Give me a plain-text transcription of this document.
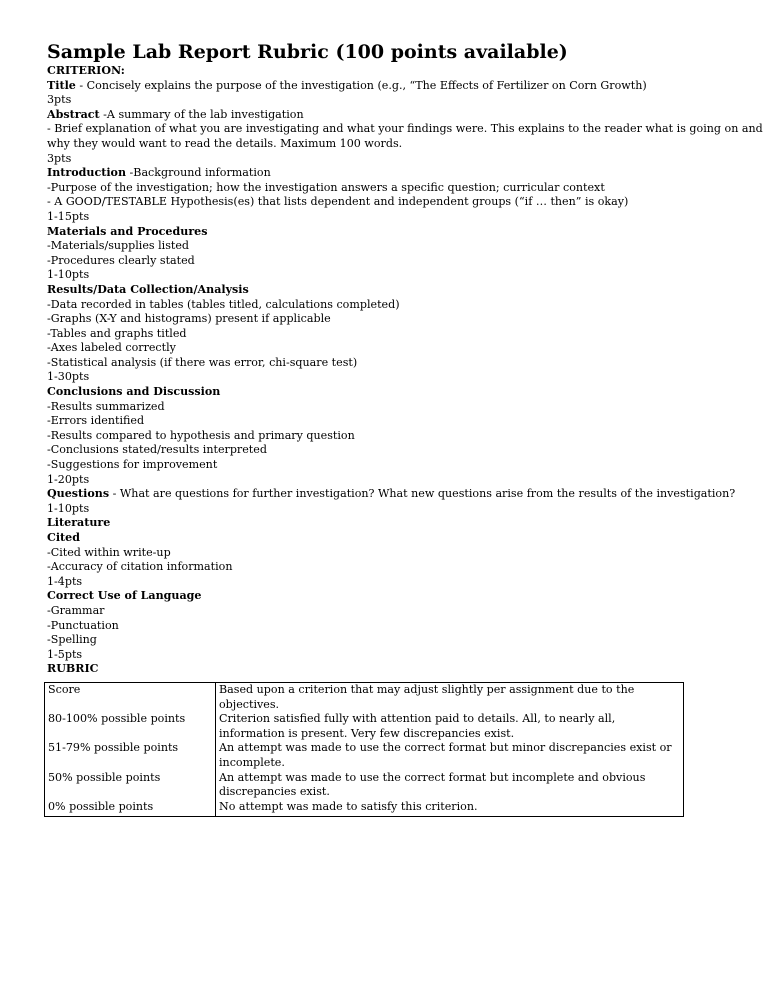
Sample Lab Report Rubric (100 points available)
CRITERION:
Title - Concisely explains the purpose of the investigation (e.g., “The Effects of Fertilizer on Corn Growth)
3pts
Abstract -A summary of the lab investigation
- Brief explanation of what you are investigating and what your findings were. This explains to the reader what is going on and
why they would want to read the details. Maximum 100 words.
3pts
Introduction -Background information
-Purpose of the investigation; how the investigation answers a specific question; curricular context
- A GOOD/TESTABLE Hypothesis(es) that lists dependent and independent groups (“if … then” is okay)
1-15pts
Materials and Procedures
-Materials/supplies listed
-Procedures clearly stated
1-10pts
Results/Data Collection/Analysis
-Data recorded in tables (tables titled, calculations completed)
-Graphs (X-Y and histograms) present if applicable
-Tables and graphs titled
-Axes labeled correctly
-Statistical analysis (if there was error, chi-square test)
1-30pts
Conclusions and Discussion
-Results summarized
-Errors identified
-Results compared to hypothesis and primary question
-Conclusions stated/results interpreted
-Suggestions for improvement
1-20pts
Questions - What are questions for further investigation? What new questions arise from the results of the investigation?
1-10pts
Literature
Cited
-Cited within write-up
-Accuracy of citation information
1-4pts
Correct Use of Language
-Grammar
-Punctuation
-Spelling
1-5pts
RUBRIC
Score	Based upon a criterion that may adjust slightly per assignment due to the objectives.
80-100% possible points	Criterion satisfied fully with attention paid to details. All, to nearly all, information is present. Very few discrepancies exist.
51-79% possible points	An attempt was made to use the correct format but minor discrepancies exist or incomplete.
50% possible points	An attempt was made to use the correct format but incomplete and obvious discrepancies exist.
0% possible points	No attempt was made to satisfy this criterion.
